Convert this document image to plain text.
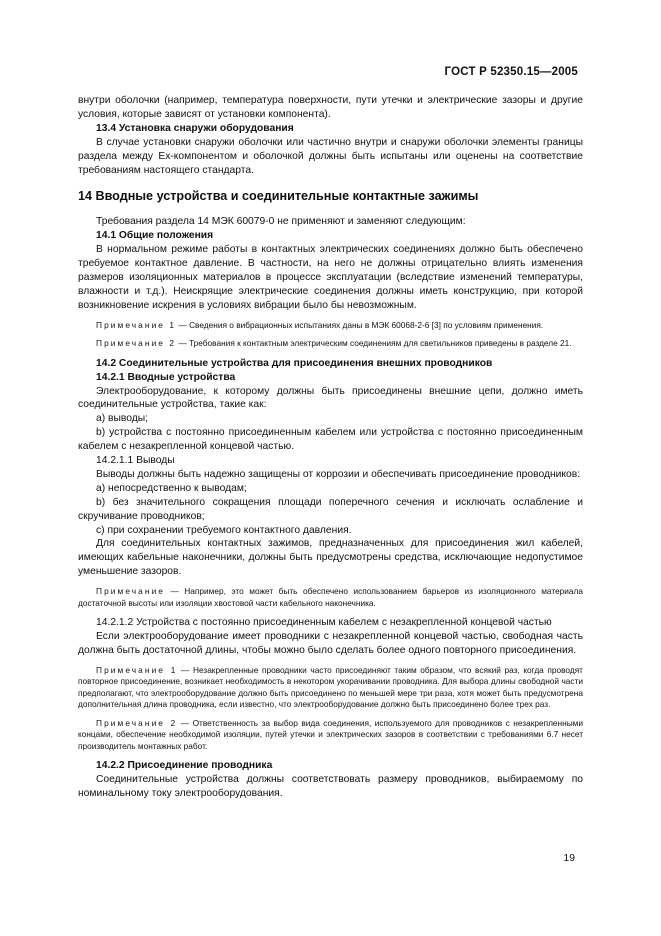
ГОСТ Р 52350.15—2005

внутри оболочки (например, температура поверхности, пути утечки и электрические зазоры и другие условия, которые зависят от установки компонента).

13.4 Установка снаружи оборудования

В случае установки снаружи оболочки или частично внутри и снаружи оболочки элементы границы раздела между Ex-компонентом и оболочкой должны быть испытаны или оценены на соответствие требованиям настоящего стандарта.

14 Вводные устройства и соединительные контактные зажимы

Требования раздела 14 МЭК 60079-0 не применяют и заменяют следующим:

14.1 Общие положения

В нормальном режиме работы в контактных электрических соединениях должно быть обеспечено требуемое контактное давление. В частности, на него не должны отрицательно влиять изменения размеров изоляционных материалов в процессе эксплуатации (вследствие изменений температуры, влажности и т.д.). Неискрящие электрические соединения должны иметь конструкцию, при которой возникновение искрения в условиях вибрации было бы невозможным.

Примечание 1 — Сведения о вибрационных испытаниях даны в МЭК 60068-2-6 [3] по условиям применения.

Примечание 2 — Требования к контактным электрическим соединениям для светильников приведены в разделе 21.

14.2 Соединительные устройства для присоединения внешних проводников

14.2.1 Вводные устройства

Электрооборудование, к которому должны быть присоединены внешние цепи, должно иметь соединительные устройства, такие как:

а) выводы;

b) устройства с постоянно присоединенным кабелем или устройства с постоянно присоединенным кабелем с незакрепленной концевой частью.

14.2.1.1 Выводы

Выводы должны быть надежно защищены от коррозии и обеспечивать присоединение проводников:

а) непосредственно к выводам;

b) без значительного сокращения площади поперечного сечения и исключать ослабление и скручивание проводников;

с) при сохранении требуемого контактного давления.

Для соединительных контактных зажимов, предназначенных для присоединения жил кабелей, имеющих кабельные наконечники, должны быть предусмотрены средства, исключающие недопустимое уменьшение зазоров.

Примечание — Например, это может быть обеспечено использованием барьеров из изоляционного материала достаточной высоты или изоляции хвостовой части кабельного наконечника.

14.2.1.2 Устройства с постоянно присоединенным кабелем с незакрепленной концевой частью

Если электрооборудование имеет проводники с незакрепленной концевой частью, свободная часть должна быть достаточной длины, чтобы можно было сделать более одного повторного присоединения.

Примечание 1 — Незакрепленные проводники часто присоединяют таким образом, что всякий раз, когда проводят повторное присоединение, возникает необходимость в некотором укорачивании проводника. Для выбора длины свободной части предполагают, что электрооборудование должно быть присоединено по меньшей мере три раза, хотя может быть предусмотрена дополнительная длина проводника, если известно, что электрооборудование должно быть присоединено более трех раз.

Примечание 2 — Ответственность за выбор вида соединения, используемого для проводников с незакрепленными концами, обеспечение необходимой изоляции, путей утечки и электрических зазоров в соответствии с требованиями 6.7 несет производитель монтажных работ.

14.2.2 Присоединение проводника

Соединительные устройства должны соответствовать размеру проводников, выбираемому по номинальному току электрооборудования.

19
